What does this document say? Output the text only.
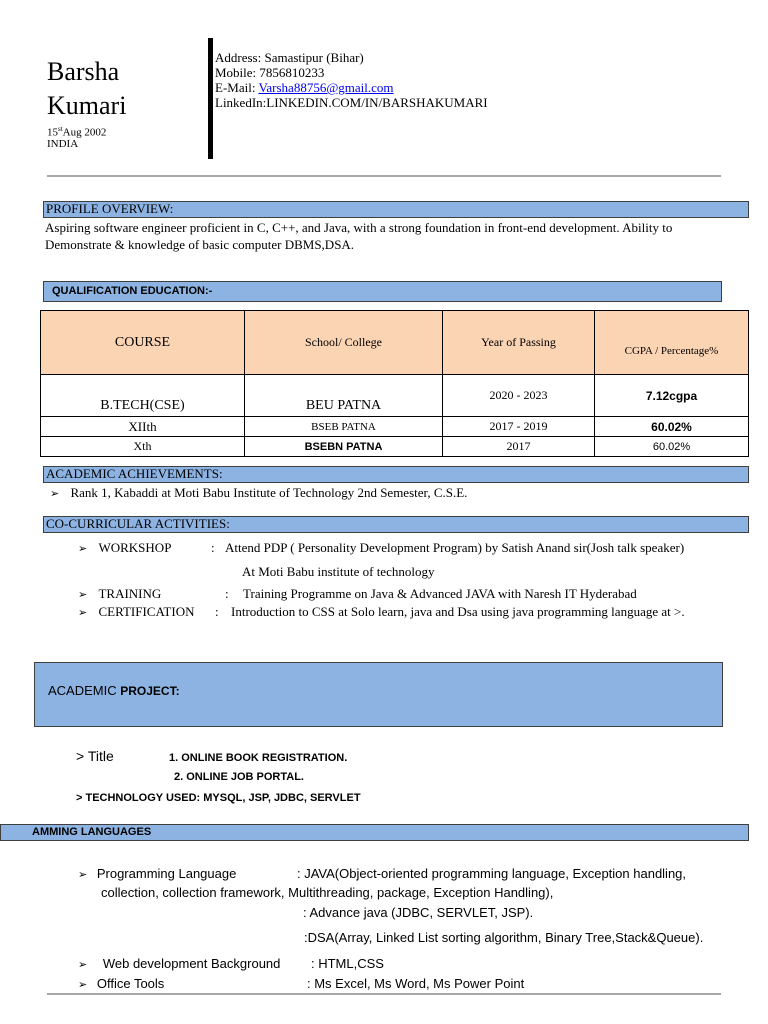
Barsha
Kumari
15stAug 2002
INDIA
Address: Samastipur (Bihar)
Mobile: 7856810233
E-Mail: Varsha88756@gmail.com
LinkedIn:LINKEDIN.COM/IN/BARSHAKUMARI
PROFILE OVERVIEW:
Aspiring software engineer proficient in C, C++, and Java, with a strong foundation in front-end development. Ability to
Demonstrate & knowledge of basic computer DBMS,DSA.
QUALIFICATION EDUCATION:-
COURSE	School/ College	Year of Passing	CGPA / Percentage%
B.TECH(CSE)	BEU PATNA	2020 - 2023	7.12cgpa
XIIth	BSEB PATNA	2017 - 2019	60.02%
Xth	BSEBN PATNA	2017	60.02%
ACADEMIC ACHIEVEMENTS:
➢ Rank 1, Kabaddi at Moti Babu Institute of Technology 2nd Semester, C.S.E.
CO-CURRICULAR ACTIVITIES:
➢ WORKSHOP	: Attend PDP ( Personality Development Program) by Satish Anand sir(Josh talk speaker)
At Moti Babu institute of technology
➢ TRAINING	: Training Programme on Java & Advanced JAVA with Naresh IT Hyderabad
➢ CERTIFICATION : Introduction to CSS at Solo learn, java and Dsa using java programming language at >.
ACADEMIC PROJECT:
> Title	1. ONLINE BOOK REGISTRATION.
2. ONLINE JOB PORTAL.
> TECHNOLOGY USED: MYSQL, JSP, JDBC, SERVLET
AMMING LANGUAGES
➢ Programming Language	: JAVA(Object-oriented programming language, Exception handling,
collection, collection framework, Multithreading, package, Exception Handling),
: Advance java (JDBC, SERVLET, JSP).
:DSA(Array, Linked List sorting algorithm, Binary Tree,Stack&Queue).
➢ Web development Background : HTML,CSS
➢ Office Tools	: Ms Excel, Ms Word, Ms Power Point
